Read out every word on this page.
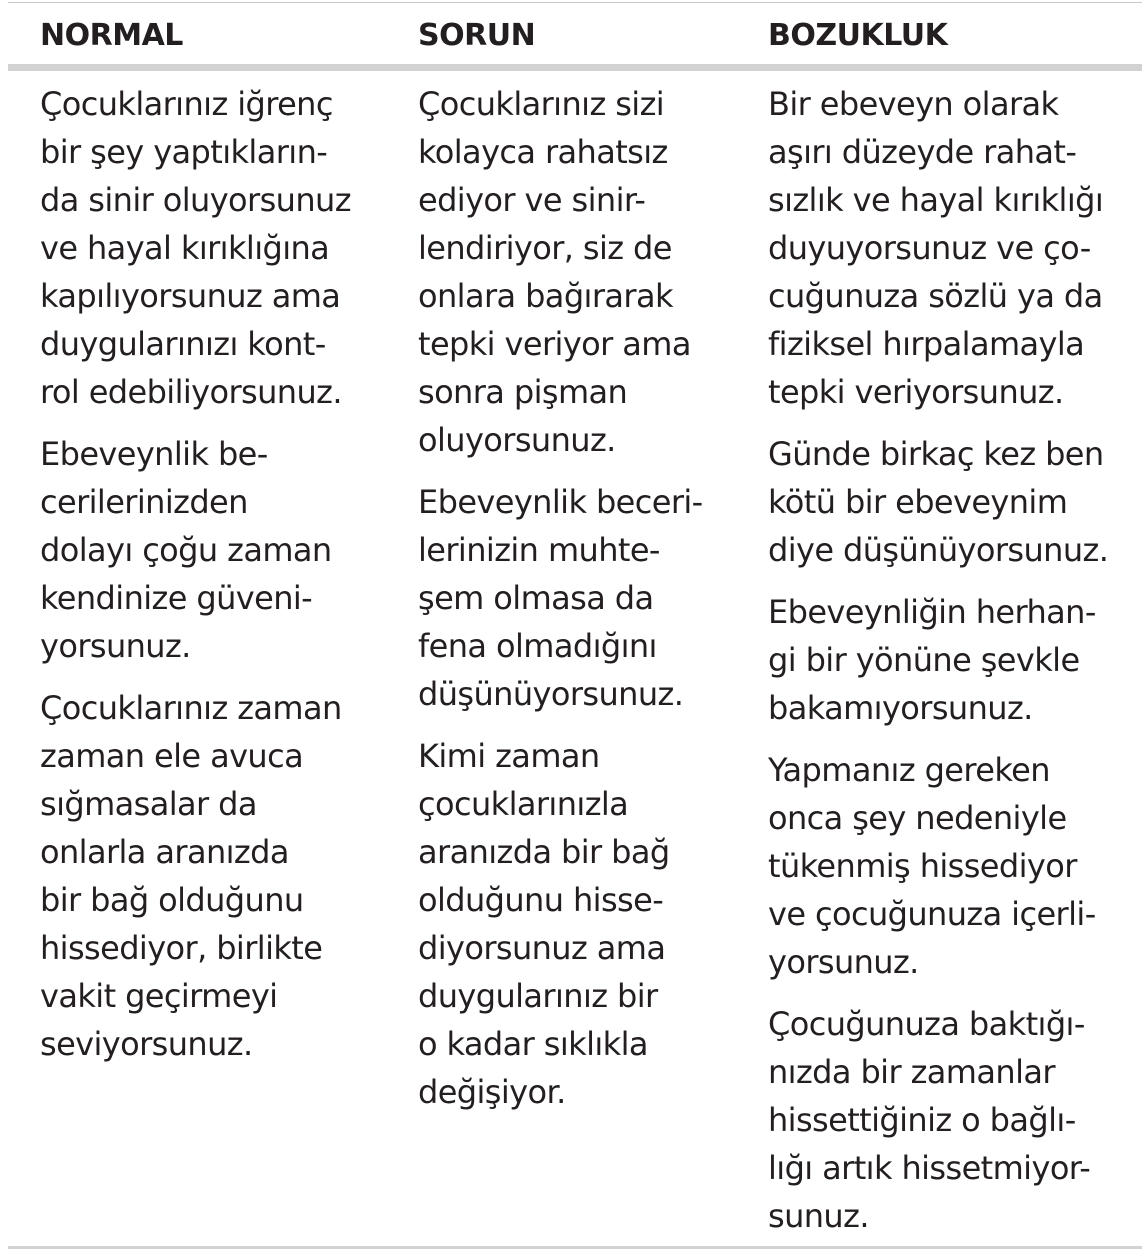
NORMAL

Çocuklarınız iğrenç
bir şey yaptıkların-
da sinir oluyorsunuz
ve hayal kırıklığına
kapılıyorsunuz ama
duygularınızı kont-
rol edebiliyorsunuz.

Ebeveynlik be-
cerilerinizden
dolayı çoğu zaman
kendinize güveni-
yorsunuz.

Çocuklarınız zaman
zaman ele avuca
sığmasalar da
onlarla aranızda
bir bağ olduğunu
hissediyor, birlikte
vakit geçirmeyi
seviyorsunuz.

SORUN

Çocuklarınız sizi
kolayca rahatsız
ediyor ve sinir-
lendiriyor, siz de
onlara bağırarak
tepki veriyor ama
sonra pişman
oluyorsunuz.

Ebeveynlik beceri-
lerinizin muhte-
şem olmasa da
fena olmadığını
düşünüyorsunuz.

Kimi zaman
çocuklarınızla
aranızda bir bağ
olduğunu hisse-
diyorsunuz ama
duygularınız bir
o kadar sıklıkla
değişiyor.

BOZUKLUK

Bir ebeveyn olarak
aşırı düzeyde rahat-
sızlık ve hayal kırıklığı
duyuyorsunuz ve ço-
cuğunuza sözlü ya da
fiziksel hırpalamayla
tepki veriyorsunuz.

Günde birkaç kez ben
kötü bir ebeveynim
diye düşünüyorsunuz.

Ebeveynliğin herhan-
gi bir yönüne şevkle
bakamıyorsunuz.

Yapmanız gereken
onca şey nedeniyle
tükenmiş hissediyor
ve çocuğunuza içerli-
yorsunuz.

Çocuğunuza baktığı-
nızda bir zamanlar
hissettiğiniz o bağlı-
lığı artık hissetmiyor-
sunuz.
